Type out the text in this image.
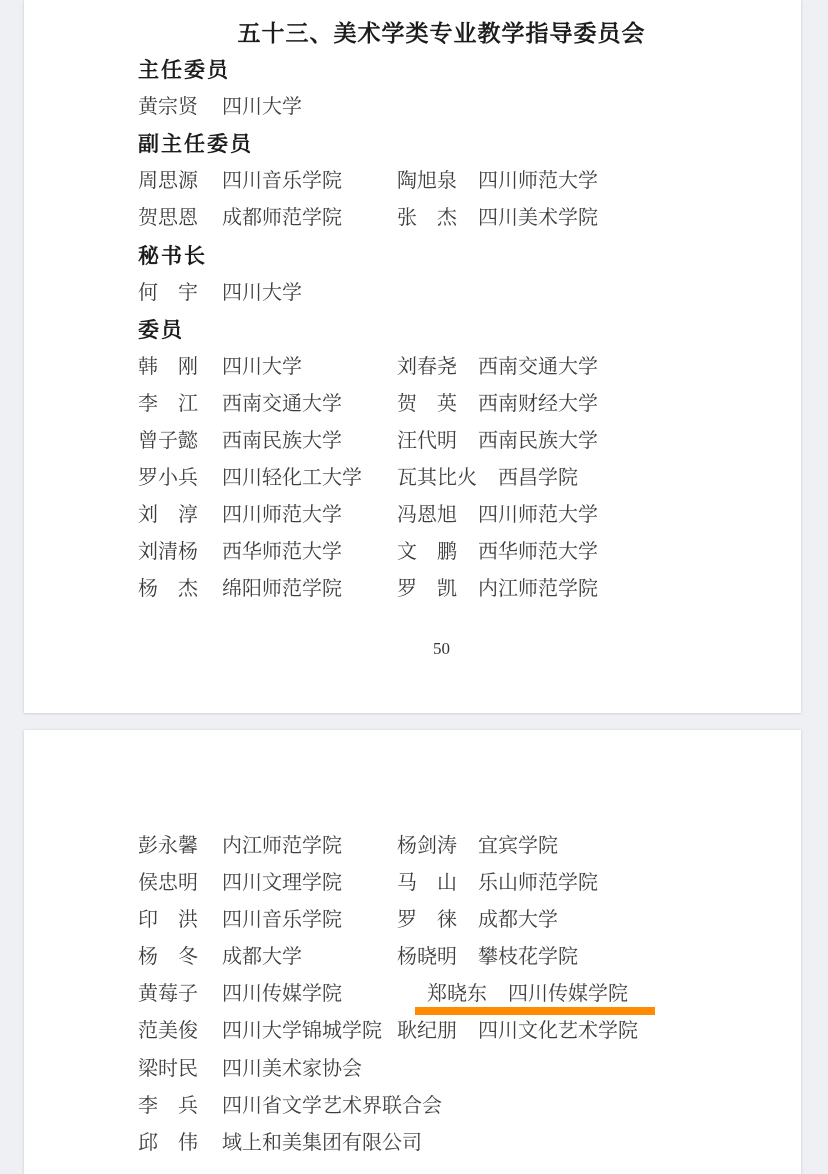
五十三、美术学类专业教学指导委员会
主任委员
黄宗贤 四川大学
副主任委员
周思源 四川音乐学院	陶旭泉 四川师范大学
贺思恩 成都师范学院	张　杰 四川美术学院
秘书长
何　宇 四川大学
委员
韩　刚 四川大学	刘春尧 西南交通大学
李　江 西南交通大学	贺　英 西南财经大学
曾子懿 西南民族大学	汪代明 西南民族大学
罗小兵 四川轻化工大学	瓦其比火 西昌学院
刘　淳 四川师范大学	冯恩旭 四川师范大学
刘清杨 西华师范大学	文　鹏 西华师范大学
杨　杰 绵阳师范学院	罗　凯 内江师范学院
50
彭永馨 内江师范学院	杨剑涛 宜宾学院
侯忠明 四川文理学院	马　山 乐山师范学院
印　洪 四川音乐学院	罗　徕 成都大学
杨　冬 成都大学	杨晓明 攀枝花学院
黄莓子 四川传媒学院	郑晓东 四川传媒学院
范美俊 四川大学锦城学院 耿纪朋 四川文化艺术学院
梁时民 四川美术家协会
李　兵 四川省文学艺术界联合会
邱　伟 域上和美集团有限公司
